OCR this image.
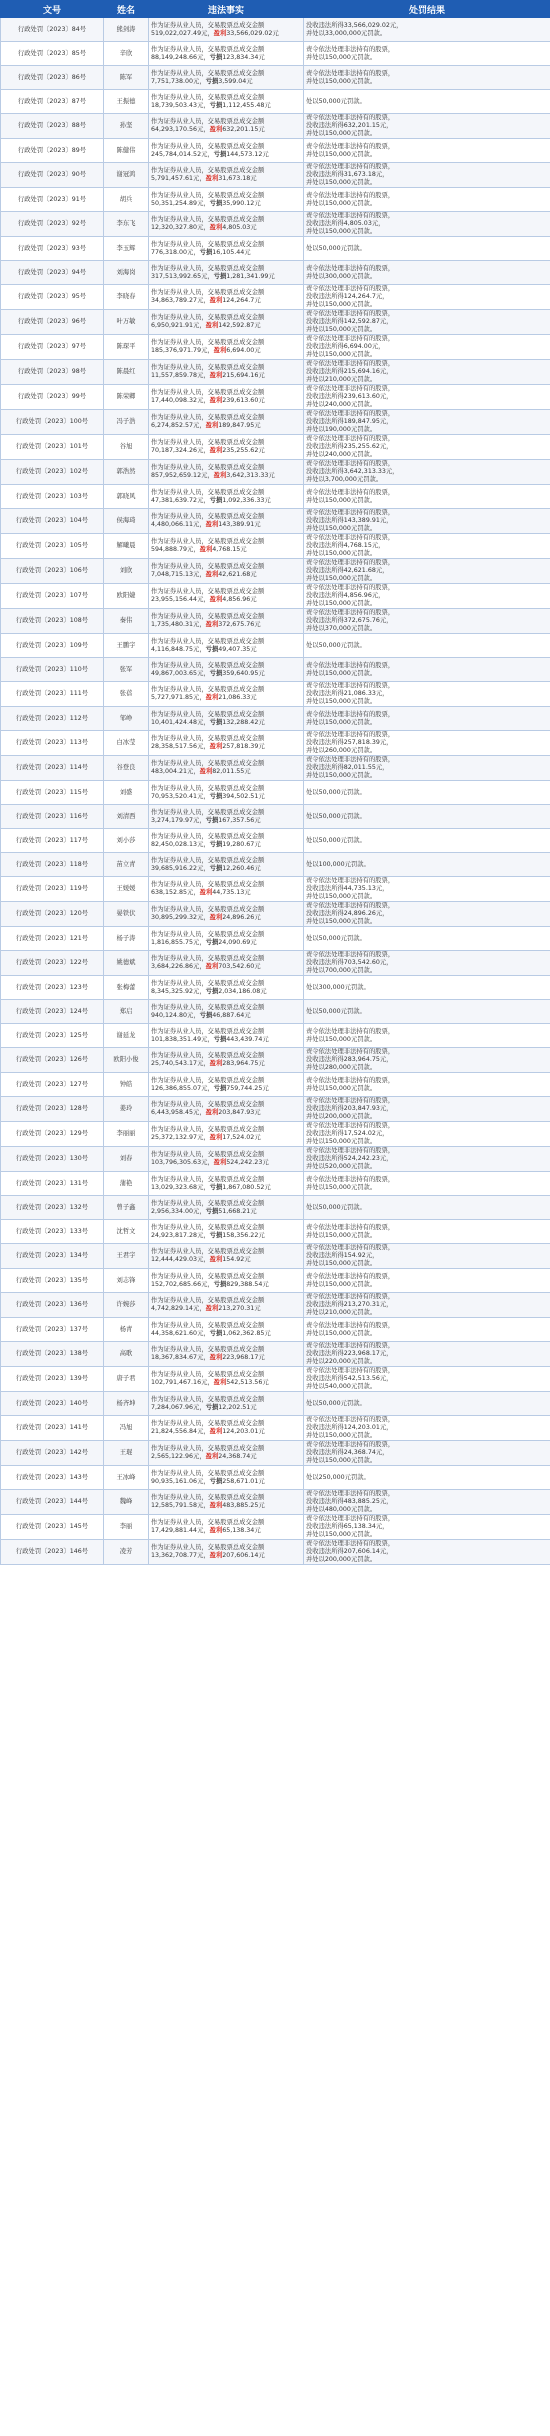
文号	姓名	违法事实	处罚结果
行政处罚〔2023〕84号	熊剑涛	作为证券从业人员，交易股票总成交金额
519,022,027.49元，盈利33,566,029.02元	没收违法所得33,566,029.02元，
并处以33,000,000元罚款。

行政处罚〔2023〕85号	辛欣	作为证券从业人员，交易股票总成交金额
88,149,248.66元，亏损123,834.34元	责令依法处理非法持有的股票，
并处以150,000元罚款。

行政处罚〔2023〕86号	陈军	作为证券从业人员，交易股票总成交金额
7,751,738.00元，亏损3,599.04元	责令依法处理非法持有的股票，
并处以150,000元罚款。

行政处罚〔2023〕87号	王振德	作为证券从业人员，交易股票总成交金额
18,739,503.43元，亏损1,112,455.48元	处以50,000元罚款。

行政处罚〔2023〕88号	孙坚	作为证券从业人员，交易股票总成交金额
64,293,170.56元，盈利632,201.15元	责令依法处理非法持有的股票，
没收违法所得632,201.15元，
并处以150,000元罚款。

行政处罚〔2023〕89号	陈健伟	作为证券从业人员，交易股票总成交金额
245,784,014.52元，亏损144,573.12元	责令依法处理非法持有的股票，
并处以150,000元罚款。

行政处罚〔2023〕90号	谢冠鸿	作为证券从业人员，交易股票总成交金额
5,791,457.61元，盈利31,673.18元	责令依法处理非法持有的股票，
没收违法所得31,673.18元，
并处以150,000元罚款。

行政处罚〔2023〕91号	胡兵	作为证券从业人员，交易股票总成交金额
50,351,254.89元，亏损35,990.12元	责令依法处理非法持有的股票，
并处以150,000元罚款。

行政处罚〔2023〕92号	李东飞	作为证券从业人员，交易股票总成交金额
12,320,327.80元，盈利4,805.03元	责令依法处理非法持有的股票，
没收违法所得4,805.03元，
并处以150,000元罚款。

行政处罚〔2023〕93号	李玉辉	作为证券从业人员，交易股票总成交金额
776,318.00元，亏损16,105.44元	处以50,000元罚款。

行政处罚〔2023〕94号	刘海岗	作为证券从业人员，交易股票总成交金额
317,513,992.65元，亏损1,281,341.99元	责令依法处理非法持有的股票，
并处以300,000元罚款。

行政处罚〔2023〕95号	李晓春	作为证券从业人员，交易股票总成交金额
34,863,789.27元，盈利124,264.7元	责令依法处理非法持有的股票，
没收违法所得124,264.7元，
并处以150,000元罚款。

行政处罚〔2023〕96号	叶万敏	作为证券从业人员，交易股票总成交金额
6,950,921.91元，盈利142,592.87元	责令依法处理非法持有的股票，
没收违法所得142,592.87元，
并处以150,000元罚款。

行政处罚〔2023〕97号	陈琛平	作为证券从业人员，交易股票总成交金额
185,376,971.79元，盈利6,694.00元	责令依法处理非法持有的股票，
没收违法所得6,694.00元，
并处以150,000元罚款。

行政处罚〔2023〕98号	陈晨红	作为证券从业人员，交易股票总成交金额
11,557,859.78元，盈利215,694.16元	责令依法处理非法持有的股票，
没收违法所得215,694.16元，
并处以210,000元罚款。

行政处罚〔2023〕99号	陈荣卿	作为证券从业人员，交易股票总成交金额
17,440,098.32元，盈利239,613.60元	责令依法处理非法持有的股票，
没收违法所得239,613.60元，
并处以240,000元罚款。

行政处罚〔2023〕100号	冯子浩	作为证券从业人员，交易股票总成交金额
6,274,852.57元，盈利189,847.95元	责令依法处理非法持有的股票，
没收违法所得189,847.95元，
并处以190,000元罚款。

行政处罚〔2023〕101号	谷旭	作为证券从业人员，交易股票总成交金额
70,187,324.26元，盈利235,255.62元	责令依法处理非法持有的股票，
没收违法所得235,255.62元，
并处以240,000元罚款。

行政处罚〔2023〕102号	郭浩然	作为证券从业人员，交易股票总成交金额
857,952,659.12元，盈利3,642,313.33元	责令依法处理非法持有的股票，
没收违法所得3,642,313.33元，
并处以3,700,000元罚款。

行政处罚〔2023〕103号	郭晓风	作为证券从业人员，交易股票总成交金额
47,381,639.72元，亏损1,092,336.33元	责令依法处理非法持有的股票，
并处以150,000元罚款。

行政处罚〔2023〕104号	侯海琦	作为证券从业人员，交易股票总成交金额
4,480,066.11元，盈利143,389.91元	责令依法处理非法持有的股票，
没收违法所得143,389.91元，
并处以150,000元罚款。

行政处罚〔2023〕105号	解曦晨	作为证券从业人员，交易股票总成交金额
594,888.79元，盈利4,768.15元	责令依法处理非法持有的股票，
没收违法所得4,768.15元，
并处以150,000元罚款。

行政处罚〔2023〕106号	刘欣	作为证券从业人员，交易股票总成交金额
7,048,715.13元，盈利42,621.68元	责令依法处理非法持有的股票，
没收违法所得42,621.68元，
并处以150,000元罚款。

行政处罚〔2023〕107号	欧阳婕	作为证券从业人员，交易股票总成交金额
23,955,156.44元，盈利4,856.96元	责令依法处理非法持有的股票，
没收违法所得4,856.96元，
并处以150,000元罚款。

行政处罚〔2023〕108号	秦伟	作为证券从业人员，交易股票总成交金额
1,735,480.31元，盈利372,675.76元	责令依法处理非法持有的股票，
没收违法所得372,675.76元，
并处以370,000元罚款。

行政处罚〔2023〕109号	王鹏宇	作为证券从业人员，交易股票总成交金额
4,116,848.75元，亏损49,407.35元	处以50,000元罚款。

行政处罚〔2023〕110号	张军	作为证券从业人员，交易股票总成交金额
49,867,003.65元，亏损359,640.95元	责令依法处理非法持有的股票，
并处以150,000元罚款。

行政处罚〔2023〕111号	张蓓	作为证券从业人员，交易股票总成交金额
5,727,971.85元，盈利21,086.33元	责令依法处理非法持有的股票，
没收违法所得21,086.33元，
并处以150,000元罚款。

行政处罚〔2023〕112号	邹峥	作为证券从业人员，交易股票总成交金额
10,401,424.48元，亏损132,288.42元	责令依法处理非法持有的股票，
并处以150,000元罚款。

行政处罚〔2023〕113号	白冰莹	作为证券从业人员，交易股票总成交金额
28,358,517.56元，盈利257,818.39元	责令依法处理非法持有的股票，
没收违法所得257,818.39元，
并处以260,000元罚款。

行政处罚〔2023〕114号	谷登良	作为证券从业人员，交易股票总成交金额
483,004.21元，盈利82,011.55元	责令依法处理非法持有的股票，
没收违法所得82,011.55元，
并处以150,000元罚款。

行政处罚〔2023〕115号	刘盛	作为证券从业人员，交易股票总成交金额
70,953,520.41元，亏损394,502.51元	处以50,000元罚款。

行政处罚〔2023〕116号	刘清西	作为证券从业人员，交易股票总成交金额
3,274,179.97元，亏损167,357.56元	处以50,000元罚款。

行政处罚〔2023〕117号	刘小莎	作为证券从业人员，交易股票总成交金额
82,450,028.13元，亏损19,280.67元	处以50,000元罚款。

行政处罚〔2023〕118号	苗立青	作为证券从业人员，交易股票总成交金额
39,685,916.22元，亏损12,260.46元	处以100,000元罚款。

行政处罚〔2023〕119号	王媛媛	作为证券从业人员，交易股票总成交金额
638,152.85元，盈利44,735.13元	责令依法处理非法持有的股票，
没收违法所得44,735.13元，
并处以150,000元罚款。

行政处罚〔2023〕120号	晏铁伏	作为证券从业人员，交易股票总成交金额
30,895,299.32元，盈利24,896.26元	责令依法处理非法持有的股票，
没收违法所得24,896.26元，
并处以150,000元罚款。

行政处罚〔2023〕121号	杨子涛	作为证券从业人员，交易股票总成交金额
1,816,855.75元，亏损24,090.69元	处以50,000元罚款。

行政处罚〔2023〕122号	姚德斌	作为证券从业人员，交易股票总成交金额
3,684,226.86元，盈利703,542.60元	责令依法处理非法持有的股票，
没收违法所得703,542.60元，
并处以700,000元罚款。

行政处罚〔2023〕123号	张梅蕾	作为证券从业人员，交易股票总成交金额
8,345,325.92元，亏损2,034,186.08元	处以300,000元罚款。

行政处罚〔2023〕124号	郑启	作为证券从业人员，交易股票总成交金额
940,124.80元，亏损46,887.64元	处以50,000元罚款。

行政处罚〔2023〕125号	谢延龙	作为证券从业人员，交易股票总成交金额
101,838,351.49元，亏损443,439.74元	责令依法处理非法持有的股票，
并处以150,000元罚款。

行政处罚〔2023〕126号	欧阳小俊	作为证券从业人员，交易股票总成交金额
25,740,543.17元，盈利283,964.75元	责令依法处理非法持有的股票，
没收违法所得283,964.75元，
并处以280,000元罚款。

行政处罚〔2023〕127号	钟皓	作为证券从业人员，交易股票总成交金额
126,386,855.07元，亏损759,744.25元	责令依法处理非法持有的股票，
并处以150,000元罚款。

行政处罚〔2023〕128号	姜玲	作为证券从业人员，交易股票总成交金额
6,443,958.45元，盈利203,847.93元	责令依法处理非法持有的股票，
没收违法所得203,847.93元，
并处以200,000元罚款。

行政处罚〔2023〕129号	李丽丽	作为证券从业人员，交易股票总成交金额
25,372,132.97元，盈利17,524.02元	责令依法处理非法持有的股票，
没收违法所得17,524.02元，
并处以150,000元罚款。

行政处罚〔2023〕130号	刘春	作为证券从业人员，交易股票总成交金额
103,796,305.63元，盈利524,242.23元	责令依法处理非法持有的股票，
没收违法所得524,242.23元，
并处以520,000元罚款。

行政处罚〔2023〕131号	蒲艳	作为证券从业人员，交易股票总成交金额
13,029,323.68元，亏损1,867,080.52元	责令依法处理非法持有的股票，
并处以150,000元罚款。

行政处罚〔2023〕132号	曾子鑫	作为证券从业人员，交易股票总成交金额
2,956,334.00元，亏损51,668.21元	处以50,000元罚款。

行政处罚〔2023〕133号	沈哲文	作为证券从业人员，交易股票总成交金额
24,923,817.28元，亏损158,356.22元	责令依法处理非法持有的股票，
并处以150,000元罚款。

行政处罚〔2023〕134号	王君宇	作为证券从业人员，交易股票总成交金额
12,444,429.03元，盈利154.92元	责令依法处理非法持有的股票，
没收违法所得154.92元，
并处以150,000元罚款。

行政处罚〔2023〕135号	刘志锋	作为证券从业人员，交易股票总成交金额
152,702,685.66元，亏损829,388.54元	责令依法处理非法持有的股票，
并处以150,000元罚款。

行政处罚〔2023〕136号	许婉莎	作为证券从业人员，交易股票总成交金额
4,742,829.14元，盈利213,270.31元	责令依法处理非法持有的股票，
没收违法所得213,270.31元，
并处以210,000元罚款。

行政处罚〔2023〕137号	杨青	作为证券从业人员，交易股票总成交金额
44,358,621.60元，亏损1,062,362.85元	责令依法处理非法持有的股票，
并处以150,000元罚款。

行政处罚〔2023〕138号	高歌	作为证券从业人员，交易股票总成交金额
18,367,834.67元，盈利223,968.17元	责令依法处理非法持有的股票，
没收违法所得223,968.17元，
并处以220,000元罚款。

行政处罚〔2023〕139号	唐子君	作为证券从业人员，交易股票总成交金额
102,791,467.16元，盈利542,513.56元	责令依法处理非法持有的股票，
没收违法所得542,513.56元，
并处以540,000元罚款。

行政处罚〔2023〕140号	杨齐坤	作为证券从业人员，交易股票总成交金额
7,284,067.96元，亏损12,202.51元	处以50,000元罚款。

行政处罚〔2023〕141号	冯旭	作为证券从业人员，交易股票总成交金额
21,824,556.84元，盈利124,203.01元	责令依法处理非法持有的股票，
没收违法所得124,203.01元，
并处以150,000元罚款。

行政处罚〔2023〕142号	王琨	作为证券从业人员，交易股票总成交金额
2,565,122.96元，盈利24,368.74元	责令依法处理非法持有的股票，
没收违法所得24,368.74元，
并处以150,000元罚款。

行政处罚〔2023〕143号	王冰峰	作为证券从业人员，交易股票总成交金额
90,935,161.06元，亏损258,671.01元	处以250,000元罚款。

行政处罚〔2023〕144号	魏峰	作为证券从业人员，交易股票总成交金额
12,585,791.58元，盈利483,885.25元	责令依法处理非法持有的股票，
没收违法所得483,885.25元，
并处以480,000元罚款。

行政处罚〔2023〕145号	李丽	作为证券从业人员，交易股票总成交金额
17,429,881.44元，盈利65,138.34元	责令依法处理非法持有的股票，
没收违法所得65,138.34元，
并处以150,000元罚款。

行政处罚〔2023〕146号	凌芳	作为证券从业人员，交易股票总成交金额
13,362,708.77元，盈利207,606.14元	责令依法处理非法持有的股票，
没收违法所得207,606.14元，
并处以200,000元罚款。
